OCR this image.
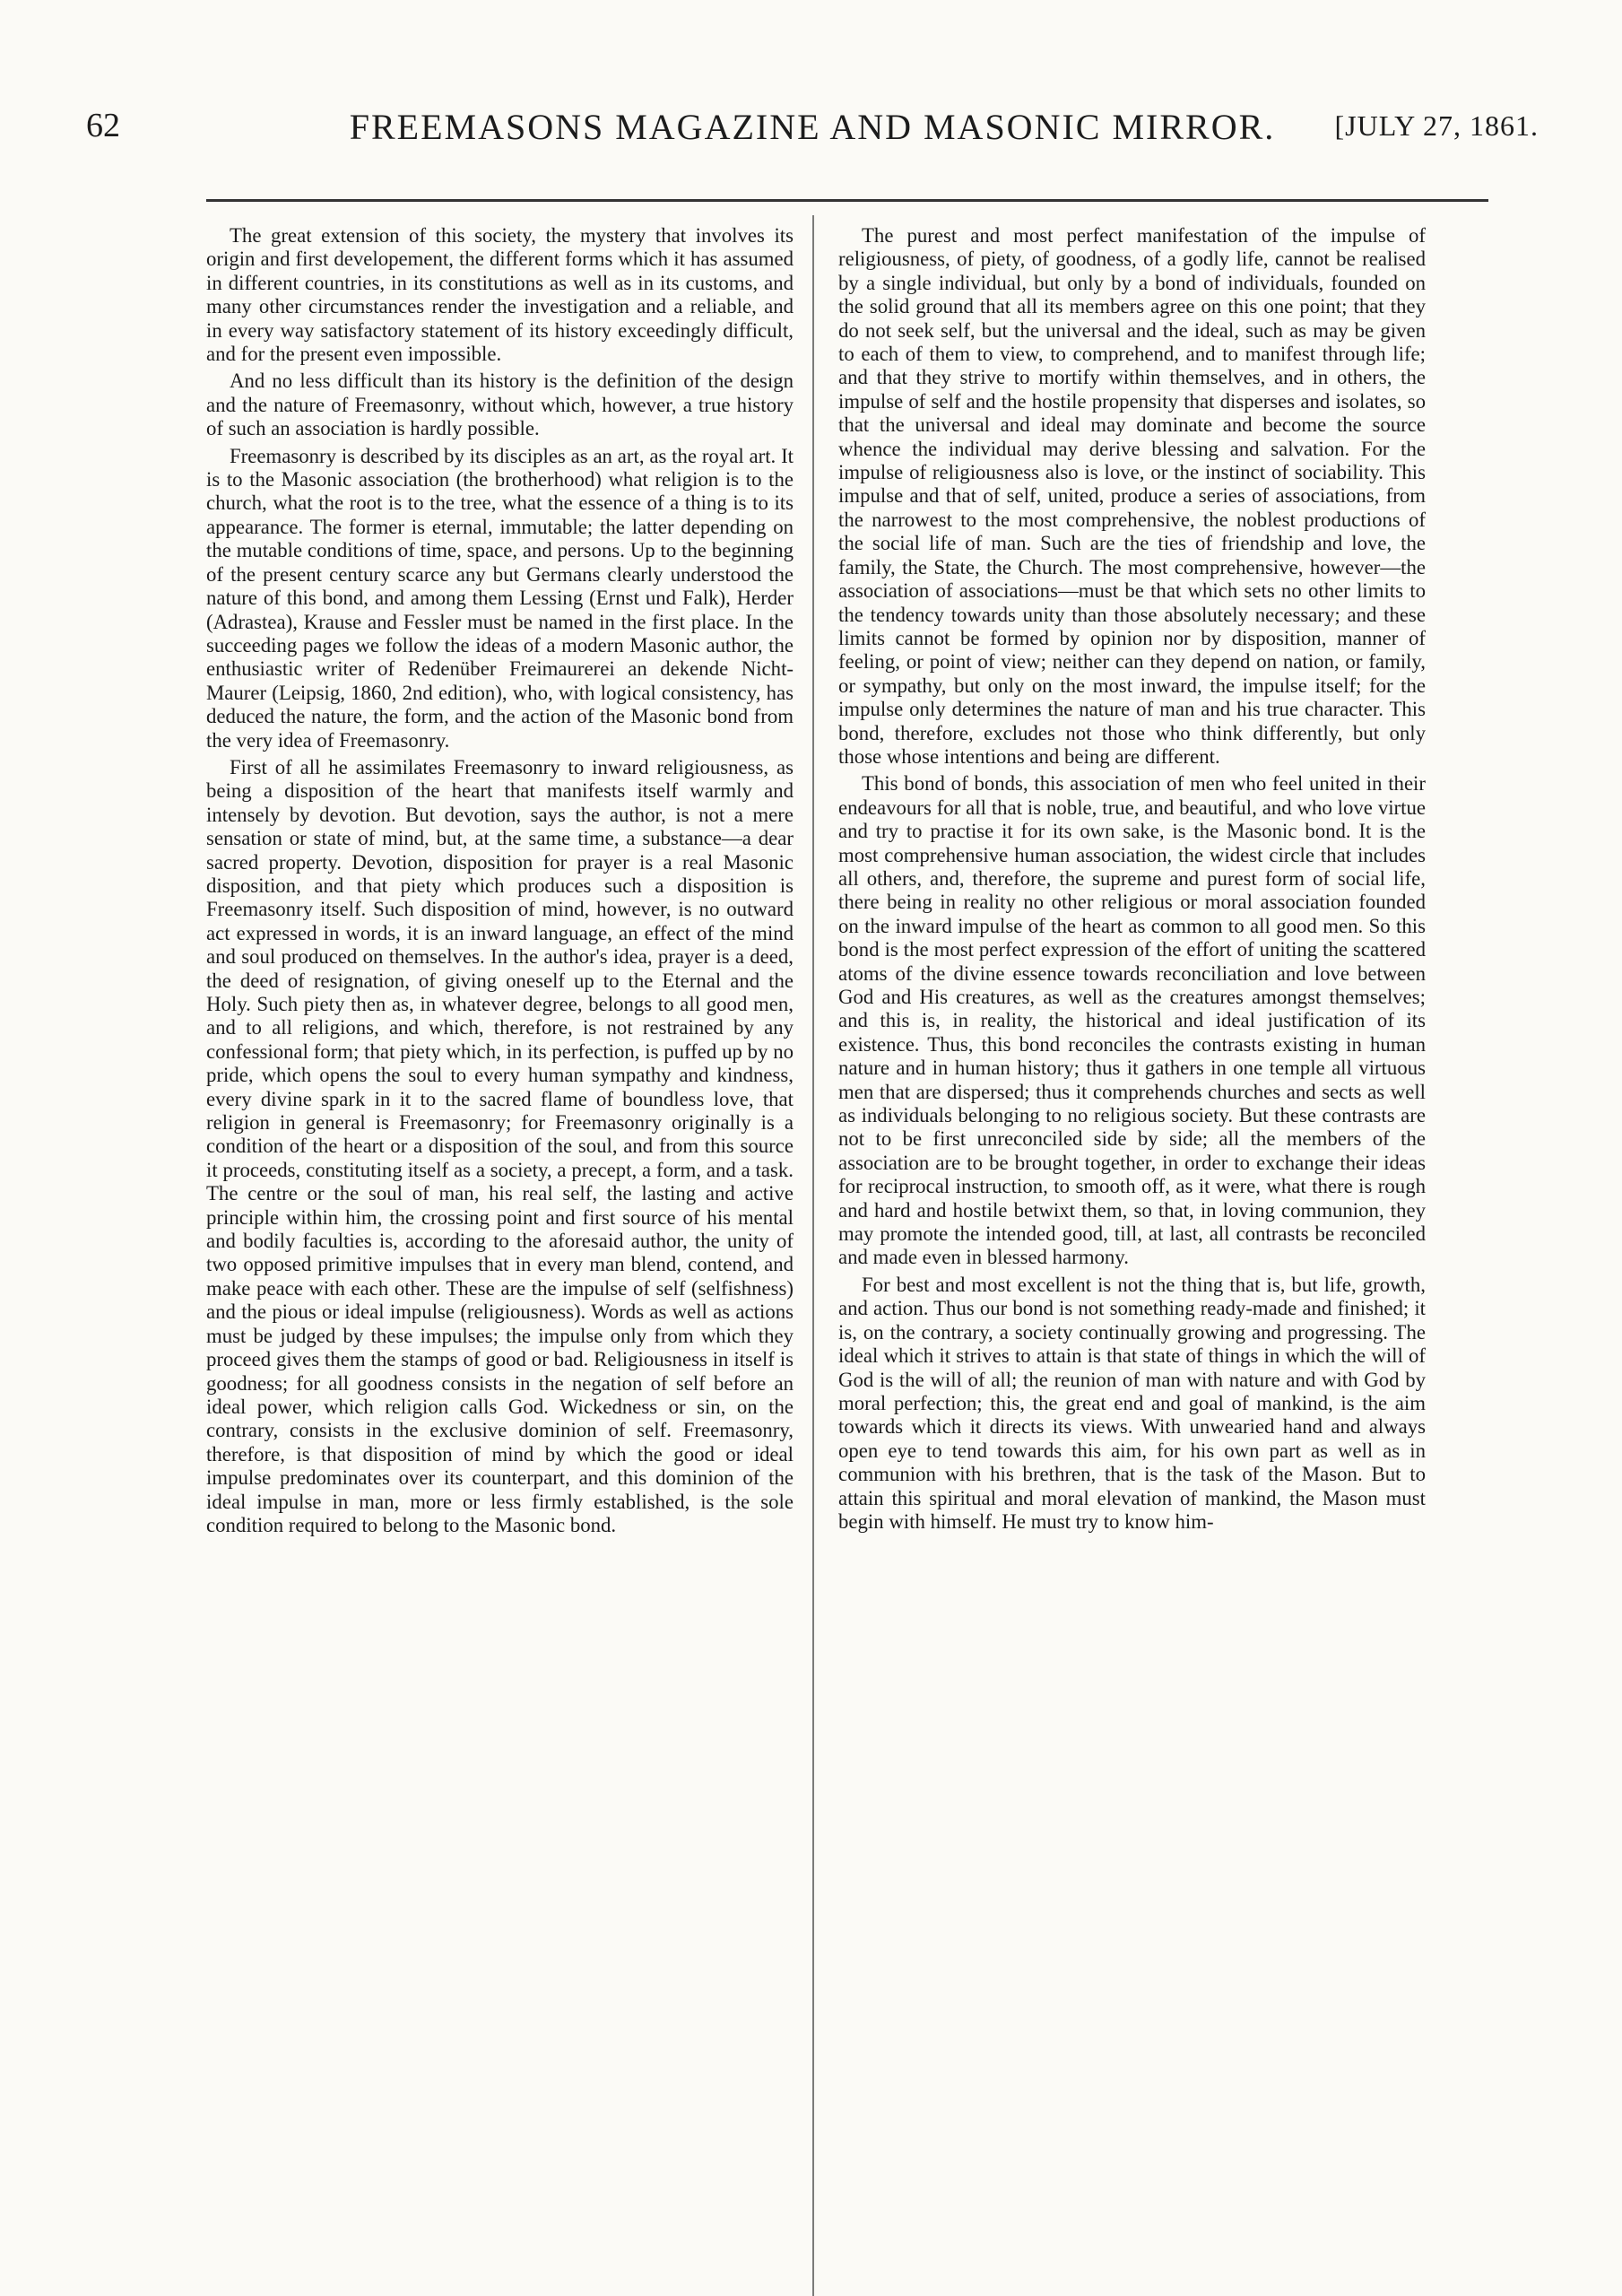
62	FREEMASONS MAGAZINE AND MASONIC MIRROR.	[JULY 27, 1861.

The great extension of this society, the mystery that involves its origin and first developement, the different forms which it has assumed in different countries, in its constitutions as well as in its customs, and many other circumstances render the investigation and a reliable, and in every way satisfactory statement of its history exceedingly difficult, and for the present even impossible.

And no less difficult than its history is the definition of the design and the nature of Freemasonry, without which, however, a true history of such an association is hardly possible.

Freemasonry is described by its disciples as an art, as the royal art. It is to the Masonic association (the brotherhood) what religion is to the church, what the root is to the tree, what the essence of a thing is to its appearance. The former is eternal, immutable; the latter depending on the mutable conditions of time, space, and persons. Up to the beginning of the present century scarce any but Germans clearly understood the nature of this bond, and among them Lessing (Ernst und Falk), Herder (Adrastea), Krause and Fessler must be named in the first place. In the succeeding pages we follow the ideas of a modern Masonic author, the enthusiastic writer of Redenüber Freimaurerei an dekende Nicht-Maurer (Leipsig, 1860, 2nd edition), who, with logical consistency, has deduced the nature, the form, and the action of the Masonic bond from the very idea of Freemasonry.

First of all he assimilates Freemasonry to inward religiousness, as being a disposition of the heart that manifests itself warmly and intensely by devotion. But devotion, says the author, is not a mere sensation or state of mind, but, at the same time, a substance—a dear sacred property. Devotion, disposition for prayer is a real Masonic disposition, and that piety which produces such a disposition is Freemasonry itself. Such disposition of mind, however, is no outward act expressed in words, it is an inward language, an effect of the mind and soul produced on themselves. In the author's idea, prayer is a deed, the deed of resignation, of giving oneself up to the Eternal and the Holy. Such piety then as, in whatever degree, belongs to all good men, and to all religions, and which, therefore, is not restrained by any confessional form; that piety which, in its perfection, is puffed up by no pride, which opens the soul to every human sympathy and kindness, every divine spark in it to the sacred flame of boundless love, that religion in general is Freemasonry; for Freemasonry originally is a condition of the heart or a disposition of the soul, and from this source it proceeds, constituting itself as a society, a precept, a form, and a task. The centre or the soul of man, his real self, the lasting and active principle within him, the crossing point and first source of his mental and bodily faculties is, according to the aforesaid author, the unity of two opposed primitive impulses that in every man blend, contend, and make peace with each other. These are the impulse of self (selfishness) and the pious or ideal impulse (religiousness). Words as well as actions must be judged by these impulses; the impulse only from which they proceed gives them the stamps of good or bad. Religiousness in itself is goodness; for all goodness consists in the negation of self before an ideal power, which religion calls God. Wickedness or sin, on the contrary, consists in the exclusive dominion of self. Freemasonry, therefore, is that disposition of mind by which the good or ideal impulse predominates over its counterpart, and this dominion of the ideal impulse in man, more or less firmly established, is the sole condition required to belong to the Masonic bond.

The purest and most perfect manifestation of the impulse of religiousness, of piety, of goodness, of a godly life, cannot be realised by a single individual, but only by a bond of individuals, founded on the solid ground that all its members agree on this one point; that they do not seek self, but the universal and the ideal, such as may be given to each of them to view, to comprehend, and to manifest through life; and that they strive to mortify within themselves, and in others, the impulse of self and the hostile propensity that disperses and isolates, so that the universal and ideal may dominate and become the source whence the individual may derive blessing and salvation. For the impulse of religiousness also is love, or the instinct of sociability. This impulse and that of self, united, produce a series of associations, from the narrowest to the most comprehensive, the noblest productions of the social life of man. Such are the ties of friendship and love, the family, the State, the Church. The most comprehensive, however—the association of associations—must be that which sets no other limits to the tendency towards unity than those absolutely necessary; and these limits cannot be formed by opinion nor by disposition, manner of feeling, or point of view; neither can they depend on nation, or family, or sympathy, but only on the most inward, the impulse itself; for the impulse only determines the nature of man and his true character. This bond, therefore, excludes not those who think differently, but only those whose intentions and being are different.

This bond of bonds, this association of men who feel united in their endeavours for all that is noble, true, and beautiful, and who love virtue and try to practise it for its own sake, is the Masonic bond. It is the most comprehensive human association, the widest circle that includes all others, and, therefore, the supreme and purest form of social life, there being in reality no other religious or moral association founded on the inward impulse of the heart as common to all good men. So this bond is the most perfect expression of the effort of uniting the scattered atoms of the divine essence towards reconciliation and love between God and His creatures, as well as the creatures amongst themselves; and this is, in reality, the historical and ideal justification of its existence. Thus, this bond reconciles the contrasts existing in human nature and in human history; thus it gathers in one temple all virtuous men that are dispersed; thus it comprehends churches and sects as well as individuals belonging to no religious society. But these contrasts are not to be first unreconciled side by side; all the members of the association are to be brought together, in order to exchange their ideas for reciprocal instruction, to smooth off, as it were, what there is rough and hard and hostile betwixt them, so that, in loving communion, they may promote the intended good, till, at last, all contrasts be reconciled and made even in blessed harmony.

For best and most excellent is not the thing that is, but life, growth, and action. Thus our bond is not something ready-made and finished; it is, on the contrary, a society continually growing and progressing. The ideal which it strives to attain is that state of things in which the will of God is the will of all; the reunion of man with nature and with God by moral perfection; this, the great end and goal of mankind, is the aim towards which it directs its views. With unwearied hand and always open eye to tend towards this aim, for his own part as well as in communion with his brethren, that is the task of the Mason. But to attain this spiritual and moral elevation of mankind, the Mason must begin with himself. He must try to know him-
